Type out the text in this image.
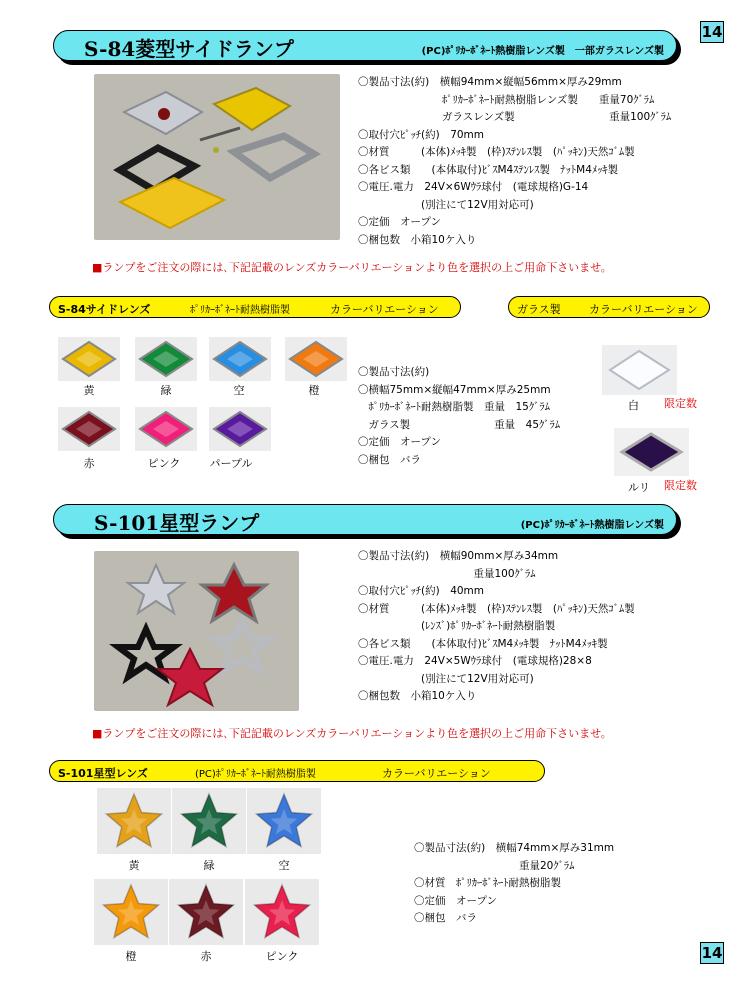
14
14
S-84菱型サイドランプ	(PC)ﾎﾟﾘｶｰﾎﾞﾈｰﾄ熱樹脂レンズ製　一部ガラスレンズ製
〇製品寸法(約)　横幅94mm×縦幅56mm×厚み29mm
　　　　　　　　ﾎﾟﾘｶｰﾎﾞﾈｰﾄ耐熱樹脂レンズ製　　重量70ｸﾞﾗﾑ
　　　　　　　　ガラスレンズ製　　　　　　　　　重量100ｸﾞﾗﾑ
〇取付穴ﾋﾟｯﾁ(約)　70mm
〇材質　　　(本体)ﾒｯｷ製　(枠)ｽﾃﾝﾚｽ製　(ﾊﾟｯｷﾝ)天然ｺﾞﾑ製
〇各ビス類　　(本体取付)ﾋﾞｽM4ｽﾃﾝﾚｽ製　ﾅｯﾄM4ﾒｯｷ製
〇電圧.電力　24V×6Wｳﾗ球付　(電球規格)G-14
　　　　　　(別注にて12V用対応可)
〇定価　オープン
〇梱包数　小箱10ケ入り
■ランプをご注文の際には､下記記載のレンズカラーバリエーションより色を選択の上ご用命下さいませ。
S-84サイドレンズ	ﾎﾟﾘｶｰﾎﾞﾈｰﾄ耐熱樹脂製	カラーバリエーション	ガラス製	カラーバリエーション
黄	緑	空	橙
赤	ピンク	パープル
〇製品寸法(約)
〇横幅75mm×縦幅47mm×厚み25mm
　ﾎﾟﾘｶｰﾎﾞﾈｰﾄ耐熱樹脂製　重量　15ｸﾞﾗﾑ
　ガラス製　　　　　　　　重量　45ｸﾞﾗﾑ
〇定価　オープン
〇梱包　バラ
白 限定数
ルリ 限定数
S-101星型ランプ	(PC)ﾎﾟﾘｶｰﾎﾞﾈｰﾄ熱樹脂レンズ製
〇製品寸法(約)　横幅90mm×厚み34mm
　　　　　　　　　　　重量100ｸﾞﾗﾑ
〇取付穴ﾋﾟｯﾁ(約)　40mm
〇材質　　　(本体)ﾒｯｷ製　(枠)ｽﾃﾝﾚｽ製　(ﾊﾟｯｷﾝ)天然ｺﾞﾑ製
　　　　　　(ﾚﾝｽﾞ)ﾎﾟﾘｶｰﾎﾞﾈｰﾄ耐熱樹脂製
〇各ビス類　　(本体取付)ﾋﾞｽM4ﾒｯｷ製　ﾅｯﾄM4ﾒｯｷ製
〇電圧.電力　24V×5Wｳﾗ球付　(電球規格)28×8
　　　　　　(別注にて12V用対応可)
〇梱包数　小箱10ケ入り
■ランプをご注文の際には､下記記載のレンズカラーバリエーションより色を選択の上ご用命下さいませ。
S-101星型レンズ	(PC)ﾎﾟﾘｶｰﾎﾞﾈｰﾄ耐熱樹脂製	カラーバリエーション
黄	緑	空
橙	赤	ピンク
〇製品寸法(約)　横幅74mm×厚み31mm
　　　　　　　　　　重量20ｸﾞﾗﾑ
〇材質　ﾎﾟﾘｶｰﾎﾞﾈｰﾄ耐熱樹脂製
〇定価　オープン
〇梱包　バラ
